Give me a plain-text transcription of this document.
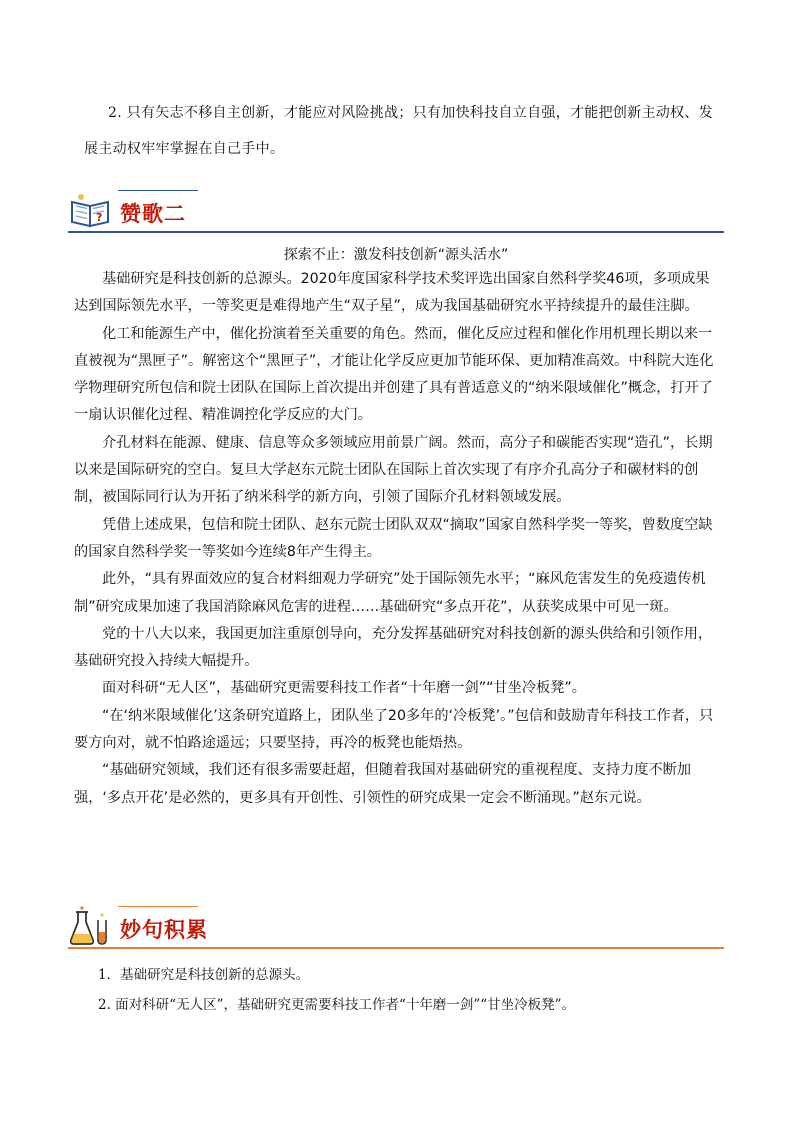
2. 只有矢志不移自主创新，才能应对风险挑战；只有加快科技自立自强，才能把创新主动权、发展主动权牢牢掌握在自己手中。
? 赞歌二
探索不止：激发科技创新“源头活水”

基础研究是科技创新的总源头。2020年度国家科学技术奖评选出国家自然科学奖46项，多项成果达到国际领先水平，一等奖更是难得地产生“双子星”，成为我国基础研究水平持续提升的最佳注脚。

化工和能源生产中，催化扮演着至关重要的角色。然而，催化反应过程和催化作用机理长期以来一直被视为“黑匣子”。解密这个“黑匣子”，才能让化学反应更加节能环保、更加精准高效。中科院大连化学物理研究所包信和院士团队在国际上首次提出并创建了具有普适意义的“纳米限域催化”概念，打开了一扇认识催化过程、精准调控化学反应的大门。

介孔材料在能源、健康、信息等众多领域应用前景广阔。然而，高分子和碳能否实现“造孔”，长期以来是国际研究的空白。复旦大学赵东元院士团队在国际上首次实现了有序介孔高分子和碳材料的创制，被国际同行认为开拓了纳米科学的新方向，引领了国际介孔材料领域发展。

凭借上述成果，包信和院士团队、赵东元院士团队双双“摘取”国家自然科学奖一等奖，曾数度空缺的国家自然科学奖一等奖如今连续8年产生得主。

此外，“具有界面效应的复合材料细观力学研究”处于国际领先水平；“麻风危害发生的免疫遗传机制”研究成果加速了我国消除麻风危害的进程……基础研究“多点开花”，从获奖成果中可见一斑。

党的十八大以来，我国更加注重原创导向，充分发挥基础研究对科技创新的源头供给和引领作用，基础研究投入持续大幅提升。

面对科研“无人区”，基础研究更需要科技工作者“十年磨一剑”“甘坐冷板凳”。

“在‘纳米限域催化’这条研究道路上，团队坐了20多年的‘冷板凳’。”包信和鼓励青年科技工作者，只要方向对，就不怕路途遥远；只要坚持，再冷的板凳也能焐热。

“基础研究领域，我们还有很多需要赶超，但随着我国对基础研究的重视程度、支持力度不断加强，‘多点开花’是必然的，更多具有开创性、引领性的研究成果一定会不断涌现。”赵东元说。

妙句积累
1．基础研究是科技创新的总源头。
2. 面对科研“无人区”，基础研究更需要科技工作者“十年磨一剑”“甘坐冷板凳”。
